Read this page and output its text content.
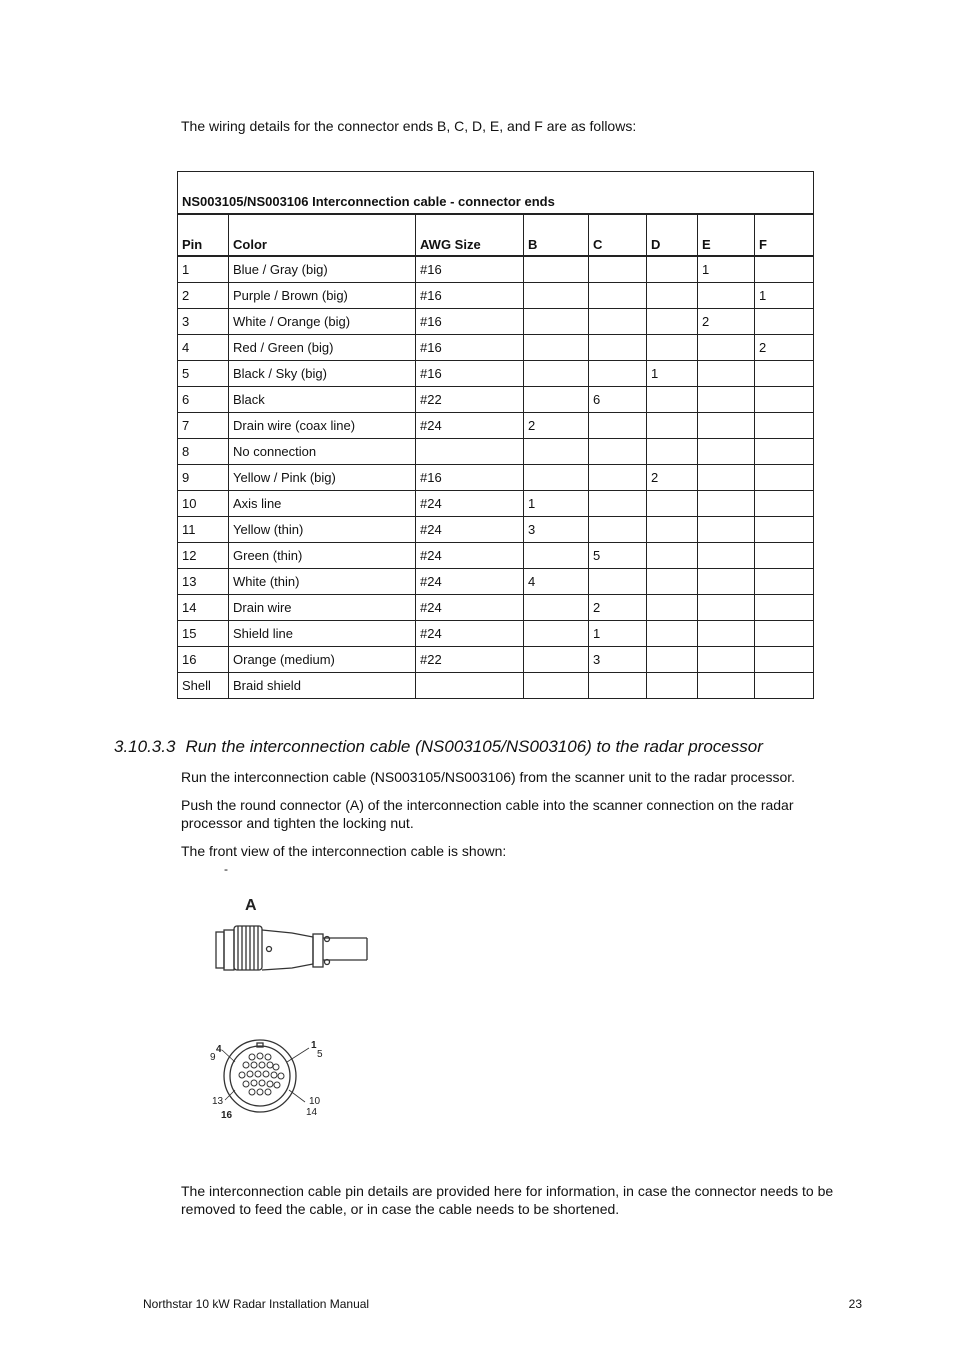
The wiring details for the connector ends B, C, D, E, and F are as follows:
NS003105/NS003106 Interconnection cable - connector ends							
Pin	Color	AWG Size	B	C	D	E	F
1	Blue / Gray (big)	#16				1	
2	Purple / Brown (big)	#16					1
3	White / Orange (big)	#16				2	
4	Red / Green (big)	#16					2
5	Black / Sky (big)	#16			1		
6	Black	#22		6			
7	Drain wire (coax line)	#24	2				
8	No connection						
9	Yellow / Pink (big)	#16			2		
10	Axis line	#24	1				
11	Yellow (thin)	#24	3				
12	Green (thin)	#24		5			
13	White (thin)	#24	4				
14	Drain wire	#24		2			
15	Shield line	#24		1			
16	Orange (medium)	#22		3			
Shell	Braid shield						
3.10.3.3 Run the interconnection cable (NS003105/NS003106) to the radar processor

Run the interconnection cable (NS003105/NS003106) from the scanner unit to the radar processor.

Push the round connector (A) of the interconnection cable into the scanner connection on the radar processor and tighten the locking nut.

The front view of the interconnection cable is shown:

-
A
4
9
1
5
13
16
10
14

The interconnection cable pin details are provided here for information, in case the connector needs to be removed to feed the cable, or in case the cable needs to be shortened.

Northstar 10 kW Radar Installation Manual	23
